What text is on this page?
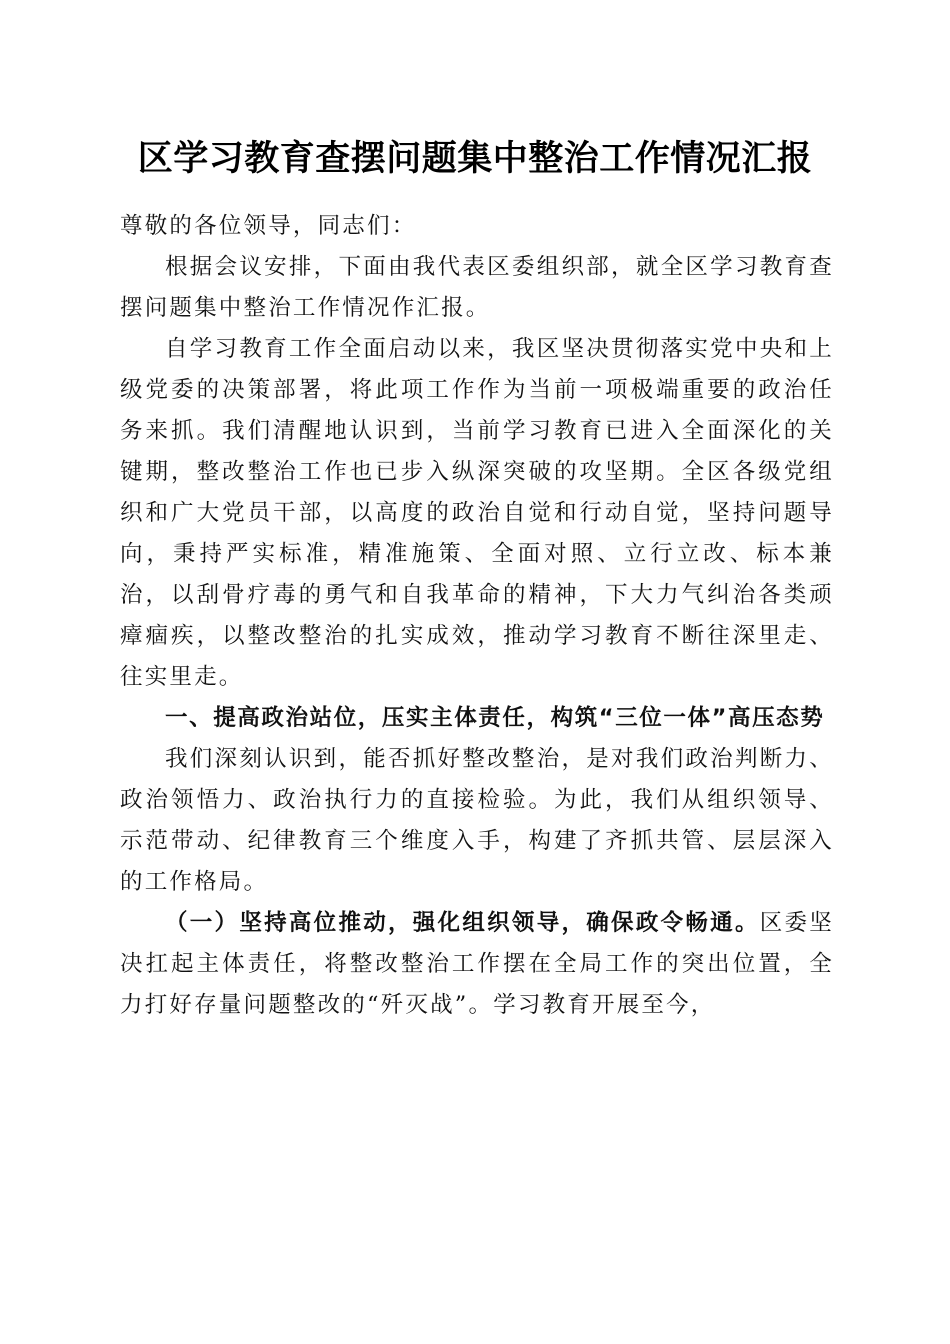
区学习教育查摆问题集中整治工作情况汇报

尊敬的各位领导，同志们：

根据会议安排，下面由我代表区委组织部，就全区学习教育查摆问题集中整治工作情况作汇报。

自学习教育工作全面启动以来，我区坚决贯彻落实党中央和上级党委的决策部署，将此项工作作为当前一项极端重要的政治任务来抓。我们清醒地认识到，当前学习教育已进入全面深化的关键期，整改整治工作也已步入纵深突破的攻坚期。全区各级党组织和广大党员干部，以高度的政治自觉和行动自觉，坚持问题导向，秉持严实标准，精准施策、全面对照、立行立改、标本兼治，以刮骨疗毒的勇气和自我革命的精神，下大力气纠治各类顽瘴痼疾，以整改整治的扎实成效，推动学习教育不断往深里走、往实里走。

一、提高政治站位，压实主体责任，构筑“三位一体”高压态势

我们深刻认识到，能否抓好整改整治，是对我们政治判断力、政治领悟力、政治执行力的直接检验。为此，我们从组织领导、示范带动、纪律教育三个维度入手，构建了齐抓共管、层层深入的工作格局。

（一）坚持高位推动，强化组织领导，确保政令畅通。区委坚决扛起主体责任，将整改整治工作摆在全局工作的突出位置，全力打好存量问题整改的“歼灭战”。学习教育开展至今，
